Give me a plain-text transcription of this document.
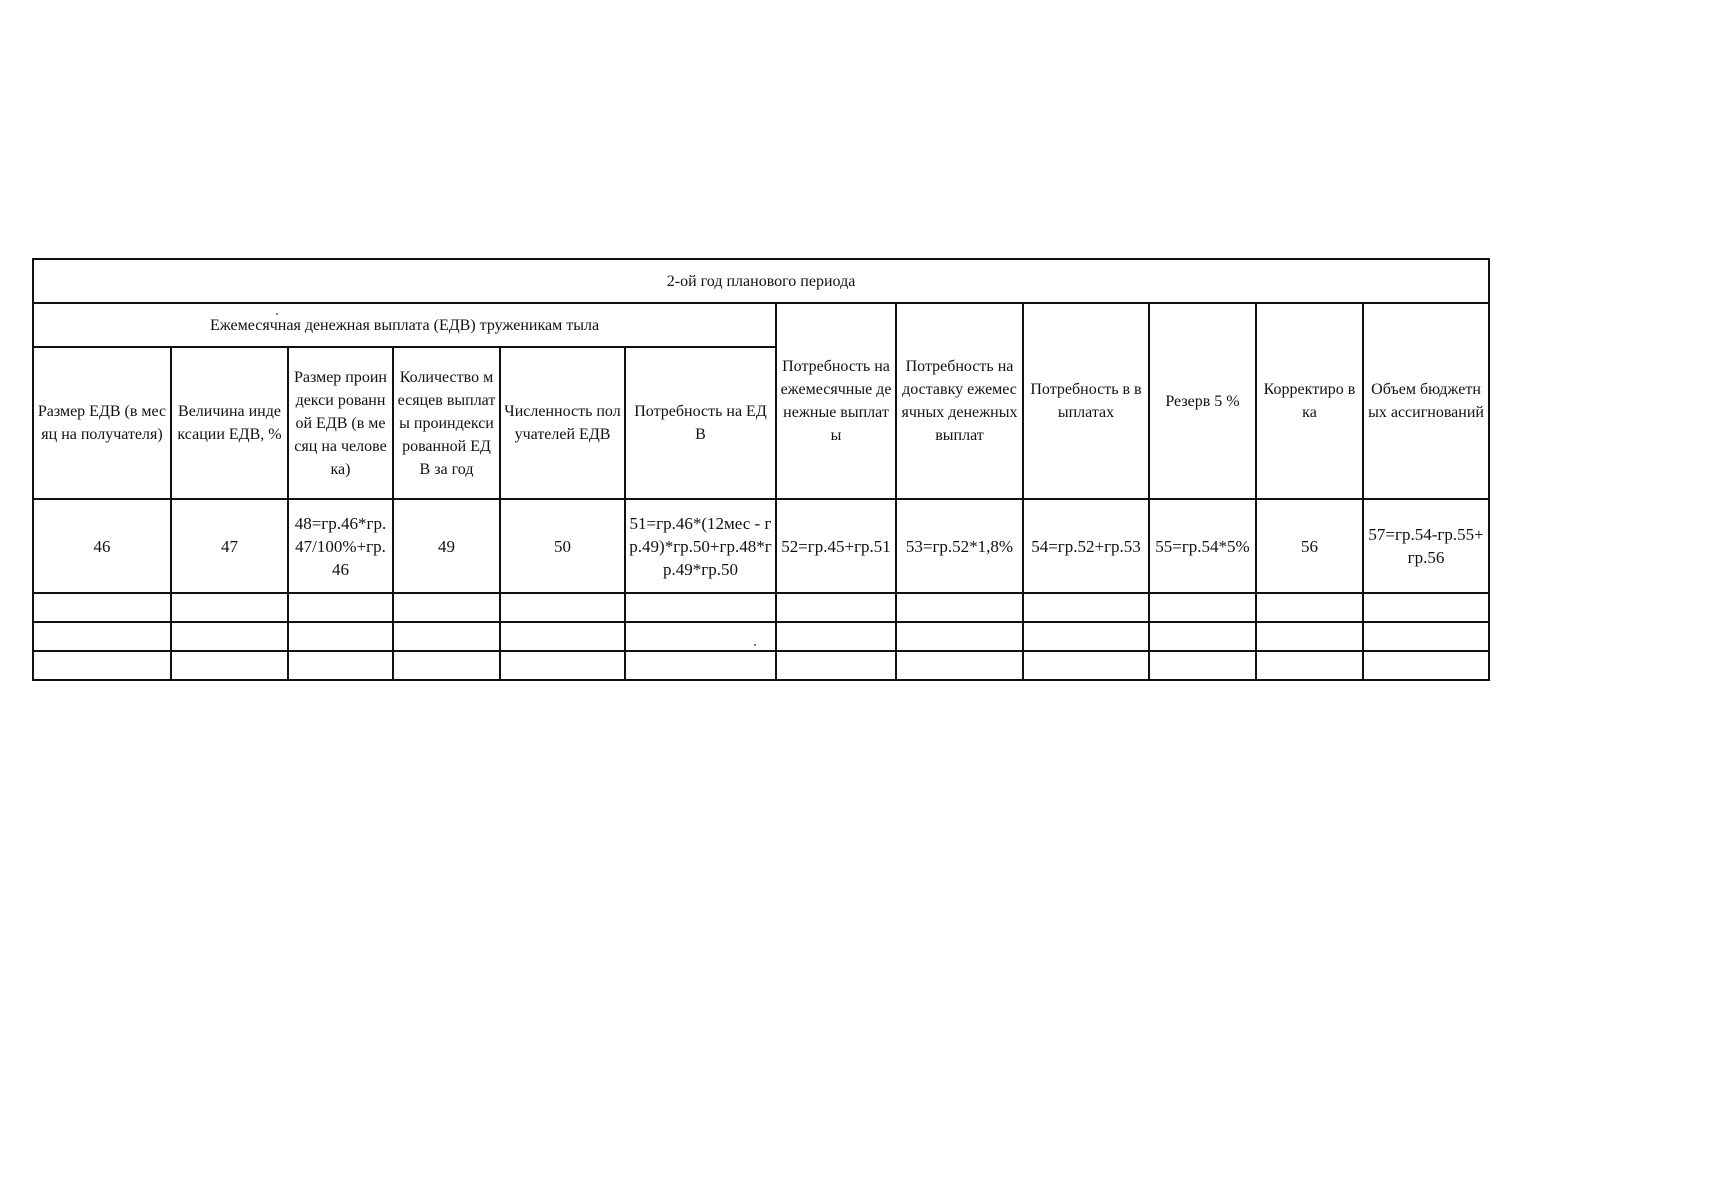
2-ой год планового периода											
Ежемесячная денежная выплата (ЕДВ) труженикам тыла						Потребность на ежемесячные денежные выплаты	Потребность на доставку ежемесячных денежных выплат	Потребность в выплатах	Резерв 5 %	Корректиро вка	Объем бюджетных ассигнований
Размер ЕДВ (в месяц на получателя)	Величина индексации ЕДВ, %	Размер проиндекси рованной ЕДВ (в месяц на человека)	Количество месяцев выплаты проиндекси рованной ЕДВ за год	Численность получателей ЕДВ	Потребность на ЕДВ						
46	47	48=гр.46*гр.47/100%+гр.46	49	50	51=гр.46*(12мес - гр.49)*гр.50+гр.48*гр.49*гр.50	52=гр.45+гр.51	53=гр.52*1,8%	54=гр.52+гр.53	55=гр.54*5%	56	57=гр.54-гр.55+гр.56
